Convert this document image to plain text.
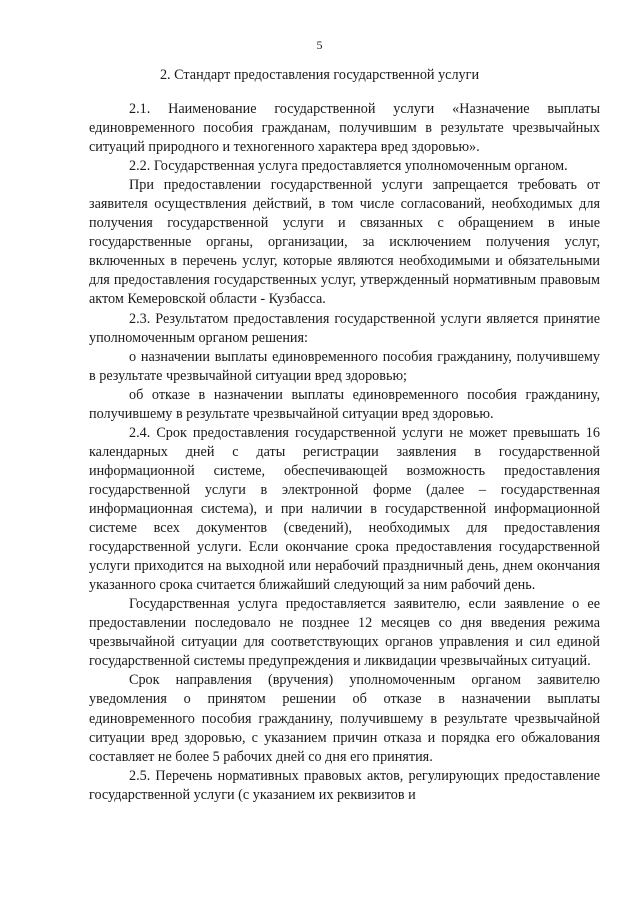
5
2. Стандарт предоставления государственной услуги

2.1. Наименование государственной услуги «Назначение выплаты единовременного пособия гражданам, получившим в результате чрезвычайных ситуаций природного и техногенного характера вред здоровью».

2.2. Государственная услуга предоставляется уполномоченным органом.

При предоставлении государственной услуги запрещается требовать от заявителя осуществления действий, в том числе согласований, необходимых для получения государственной услуги и связанных с обращением в иные государственные органы, организации, за исключением получения услуг, включенных в перечень услуг, которые являются необходимыми и обязательными для предоставления государственных услуг, утвержденный нормативным правовым актом Кемеровской области - Кузбасса.

2.3. Результатом предоставления государственной услуги является принятие уполномоченным органом решения:

о назначении выплаты единовременного пособия гражданину, получившему в результате чрезвычайной ситуации вред здоровью;

об отказе в назначении выплаты единовременного пособия гражданину, получившему в результате чрезвычайной ситуации вред здоровью.

2.4. Срок предоставления государственной услуги не может превышать 16 календарных дней с даты регистрации заявления в государственной информационной системе, обеспечивающей возможность предоставления государственной услуги в электронной форме (далее – государственная информационная система), и при наличии в государственной информационной системе всех документов (сведений), необходимых для предоставления государственной услуги. Если окончание срока предоставления государственной услуги приходится на выходной или нерабочий праздничный день, днем окончания указанного срока считается ближайший следующий за ним рабочий день.

Государственная услуга предоставляется заявителю, если заявление о ее предоставлении последовало не позднее 12 месяцев со дня введения режима чрезвычайной ситуации для соответствующих органов управления и сил единой государственной системы предупреждения и ликвидации чрезвычайных ситуаций.

Срок направления (вручения) уполномоченным органом заявителю уведомления о принятом решении об отказе в назначении выплаты единовременного пособия гражданину, получившему в результате чрезвычайной ситуации вред здоровью, с указанием причин отказа и порядка его обжалования составляет не более 5 рабочих дней со дня его принятия.

2.5. Перечень нормативных правовых актов, регулирующих предоставление государственной услуги (с указанием их реквизитов и
